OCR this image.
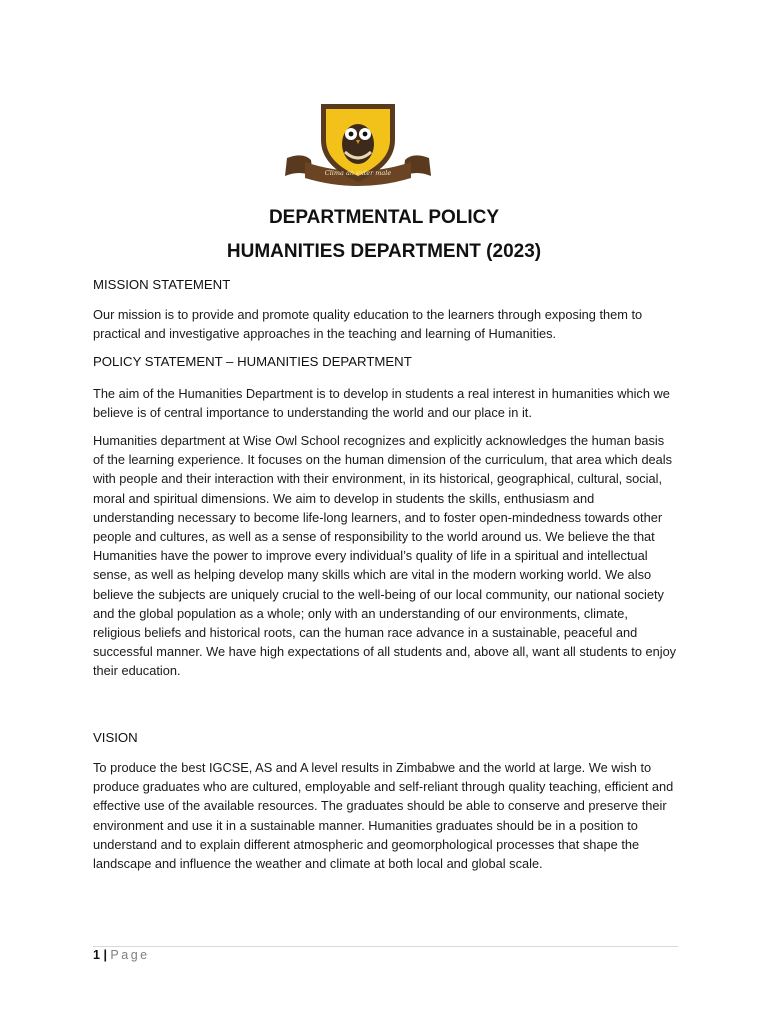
Clima an exter male
DEPARTMENTAL POLICY
HUMANITIES DEPARTMENT (2023)
MISSION STATEMENT

Our mission is to provide and promote quality education to the learners through exposing them to practical and investigative approaches in the teaching and learning of Humanities.

POLICY STATEMENT – HUMANITIES DEPARTMENT

The aim of the Humanities Department is to develop in students a real interest in humanities which we believe is of central importance to understanding the world and our place in it.

Humanities department at Wise Owl School recognizes and explicitly acknowledges the human basis of the learning experience. It focuses on the human dimension of the curriculum, that area which deals with people and their interaction with their environment, in its historical, geographical, cultural, social, moral and spiritual dimensions. We aim to develop in students the skills, enthusiasm and understanding necessary to become life-long learners, and to foster open-mindedness towards other people and cultures, as well as a sense of responsibility to the world around us. We believe the that Humanities have the power to improve every individual’s quality of life in a spiritual and intellectual sense, as well as helping develop many skills which are vital in the modern working world. We also believe the subjects are uniquely crucial to the well-being of our local community, our national society and the global population as a whole; only with an understanding of our environments, climate, religious beliefs and historical roots, can the human race advance in a sustainable, peaceful and successful manner. We have high expectations of all students and, above all, want all students to enjoy their education.

VISION

To produce the best IGCSE, AS and A level results in Zimbabwe and the world at large. We wish to produce graduates who are cultured, employable and self-reliant through quality teaching, efficient and effective use of the available resources. The graduates should be able to conserve and preserve their environment and use it in a sustainable manner. Humanities graduates should be in a position to understand and to explain different atmospheric and geomorphological processes that shape the landscape and influence the weather and climate at both local and global scale.

1 | Page
